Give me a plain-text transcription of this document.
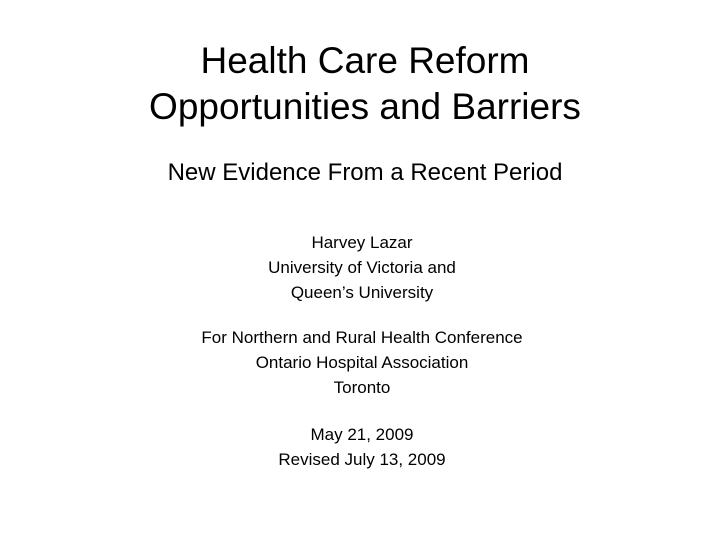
Health Care Reform
Opportunities and Barriers
New Evidence From a Recent Period
Harvey Lazar
University of Victoria and
Queen’s University
For Northern and Rural Health Conference
Ontario Hospital Association
Toronto
May 21, 2009
Revised July 13, 2009
